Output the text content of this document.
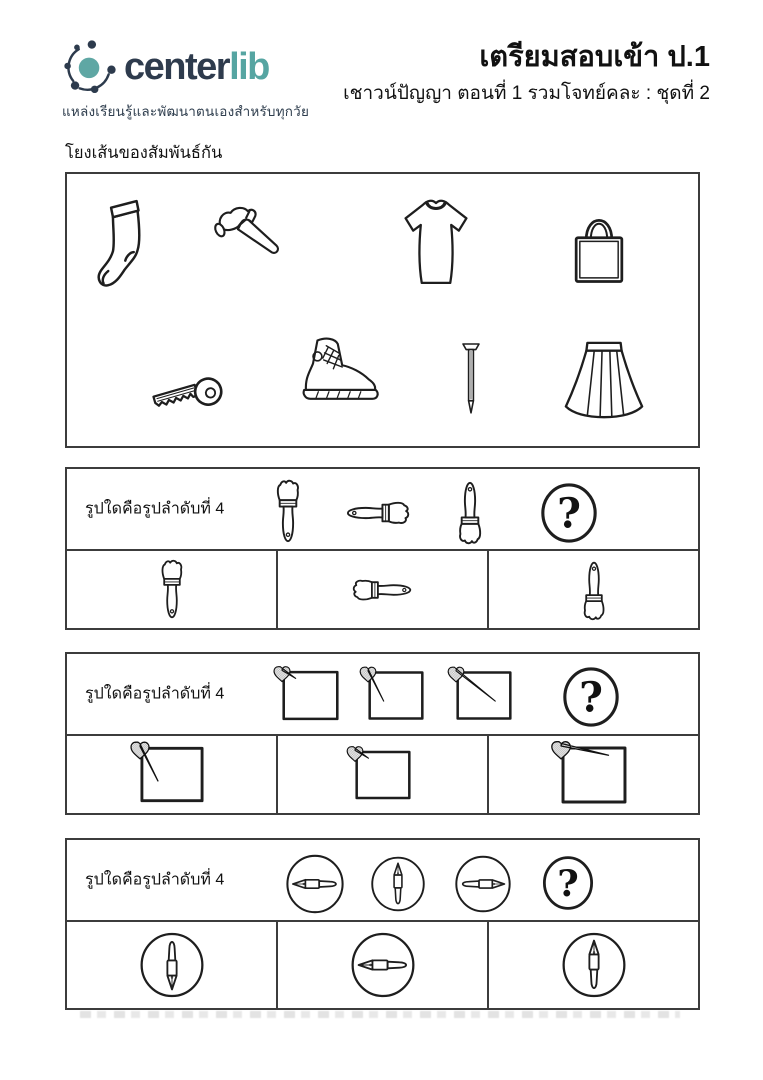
centerlib
แหล่งเรียนรู้และพัฒนาตนเองสำหรับทุกวัย
เตรียมสอบเข้า ป.1
เชาวน์ปัญญา ตอนที่ 1 รวมโจทย์คละ : ชุดที่ 2
โยงเส้นของสัมพันธ์กัน
รูปใดคือรูปลำดับที่ 4	?
รูปใดคือรูปลำดับที่ 4	?
รูปใดคือรูปลำดับที่ 4	?
